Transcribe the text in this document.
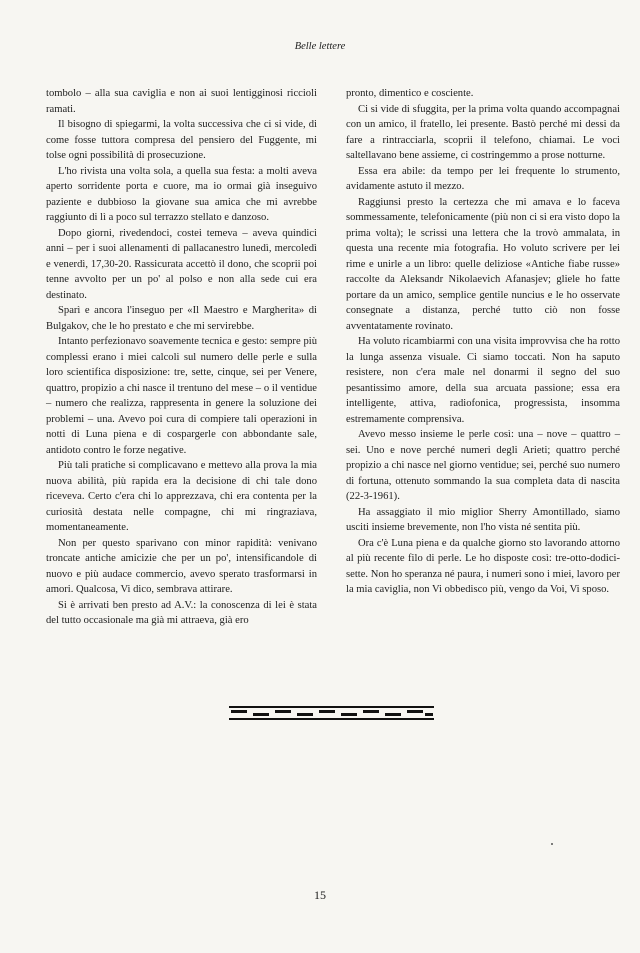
Belle lettere

tombolo – alla sua caviglia e non ai suoi lentigginosi riccioli ramati.

Il bisogno di spiegarmi, la volta successiva che ci si vide, di come fosse tuttora compresa del pensiero del Fuggente, mi tolse ogni possibilità di prosecuzione.

L'ho rivista una volta sola, a quella sua festa: a molti aveva aperto sorridente porta e cuore, ma io ormai già inseguivo paziente e dubbioso la giovane sua amica che mi avrebbe raggiunto di lì a poco sul terrazzo stellato e danzoso.

Dopo giorni, rivedendoci, costei temeva – aveva quindici anni – per i suoi allenamenti di pallacanestro lunedì, mercoledì e venerdì, 17,30-20. Rassicurata accettò il dono, che scoprii poi tenne avvolto per un po' al polso e non alla sede cui era destinato.

Sparì e ancora l'inseguo per «Il Maestro e Margherita» di Bulgakov, che le ho prestato e che mi servirebbe.

Intanto perfezionavo soavemente tecnica e gesto: sempre più complessi erano i miei calcoli sul numero delle perle e sulla loro scientifica disposizione: tre, sette, cinque, sei per Venere, quattro, propizio a chi nasce il trentuno del mese – o il ventidue – numero che realizza, rappresenta in genere la soluzione dei problemi – una. Avevo poi cura di compiere tali operazioni in notti di Luna piena e di cospargerle con abbondante sale, antidoto contro le forze negative.

Più tali pratiche si complicavano e mettevo alla prova la mia nuova abilità, più rapida era la decisione di chi tale dono riceveva. Certo c'era chi lo apprezzava, chi era contenta per la curiosità destata nelle compagne, chi mi ringraziava, momentaneamente.

Non per questo sparivano con minor rapidità: venivano troncate antiche amicizie che per un po', intensificandole di nuovo e più audace commercio, avevo sperato trasformarsi in amori. Qualcosa, Vi dico, sembrava attirare.

Si è arrivati ben presto ad A.V.: la conoscenza di lei è stata del tutto occasionale ma già mi attraeva, già ero

pronto, dimentico e cosciente.

Ci si vide di sfuggita, per la prima volta quando accompagnai con un amico, il fratello, lei presente. Bastò perché mi dessi da fare a rintracciarla, scoprii il telefono, chiamai. Le voci saltellavano bene assieme, ci costringemmo a prose notturne.

Essa era abile: da tempo per lei frequente lo strumento, avidamente astuto il mezzo.

Raggiunsi presto la certezza che mi amava e lo faceva sommessamente, telefonicamente (più non ci si era visto dopo la prima volta); le scrissi una lettera che la trovò ammalata, in questa una recente mia fotografia. Ho voluto scrivere per lei rime e unirle a un libro: quelle deliziose «Antiche fiabe russe» raccolte da Aleksandr Nikolaevich Afanasjev; gliele ho fatte portare da un amico, semplice gentile nuncius e le ho osservate consegnate a distanza, perché tutto ciò non fosse avventatamente rovinato.

Ha voluto ricambiarmi con una visita improvvisa che ha rotto la lunga assenza visuale. Ci siamo toccati. Non ha saputo resistere, non c'era male nel donarmi il segno del suo pesantissimo amore, della sua arcuata passione; essa era intelligente, attiva, radiofonica, progressista, insomma estremamente comprensiva.

Avevo messo insieme le perle così: una – nove – quattro – sei. Uno e nove perché numeri degli Arieti; quattro perché propizio a chi nasce nel giorno ventidue; sei, perché suo numero di fortuna, ottenuto sommando la sua completa data di nascita (22-3-1961).

Ha assaggiato il mio miglior Sherry Amontillado, siamo usciti insieme brevemente, non l'ho vista né sentita più.

Ora c'è Luna piena e da qualche giorno sto lavorando attorno al più recente filo di perle. Le ho disposte così: tre-otto-dodici-sette. Non ho speranza né paura, i numeri sono i miei, lavoro per la mia caviglia, non Vi obbedisco più, vengo da Voi, Vi sposo.

15
